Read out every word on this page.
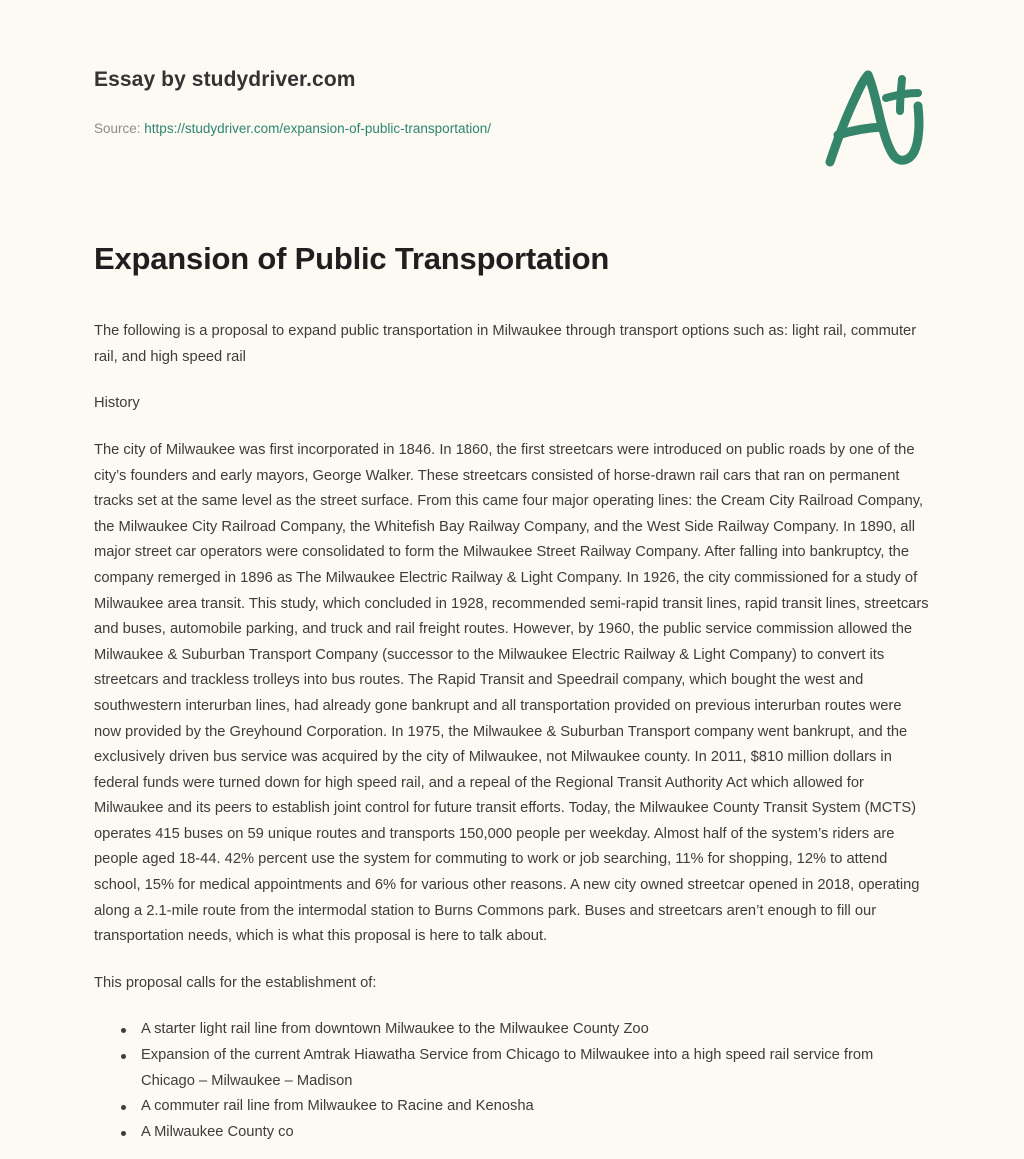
Essay by studydriver.com
Source: https://studydriver.com/expansion-of-public-transportation/
Expansion of Public Transportation

The following is a proposal to expand public transportation in Milwaukee through transport options such as: light rail, commuter rail, and high speed rail

History

The city of Milwaukee was first incorporated in 1846. In 1860, the first streetcars were introduced on public roads by one of the city’s founders and early mayors, George Walker. These streetcars consisted of horse-drawn rail cars that ran on permanent tracks set at the same level as the street surface. From this came four major operating lines: the Cream City Railroad Company, the Milwaukee City Railroad Company, the Whitefish Bay Railway Company, and the West Side Railway Company. In 1890, all major street car operators were consolidated to form the Milwaukee Street Railway Company. After falling into bankruptcy, the company remerged in 1896 as The Milwaukee Electric Railway & Light Company. In 1926, the city commissioned for a study of Milwaukee area transit. This study, which concluded in 1928, recommended semi-rapid transit lines, rapid transit lines, streetcars and buses, automobile parking, and truck and rail freight routes. However, by 1960, the public service commission allowed the Milwaukee & Suburban Transport Company (successor to the Milwaukee Electric Railway & Light Company) to convert its streetcars and trackless trolleys into bus routes. The Rapid Transit and Speedrail company, which bought the west and southwestern interurban lines, had already gone bankrupt and all transportation provided on previous interurban routes were now provided by the Greyhound Corporation. In 1975, the Milwaukee & Suburban Transport company went bankrupt, and the exclusively driven bus service was acquired by the city of Milwaukee, not Milwaukee county. In 2011, $810 million dollars in federal funds were turned down for high speed rail, and a repeal of the Regional Transit Authority Act which allowed for Milwaukee and its peers to establish joint control for future transit efforts. Today, the Milwaukee County Transit System (MCTS) operates 415 buses on 59 unique routes and transports 150,000 people per weekday. Almost half of the system’s riders are people aged 18-44. 42% percent use the system for commuting to work or job searching, 11% for shopping, 12% to attend school, 15% for medical appointments and 6% for various other reasons. A new city owned streetcar opened in 2018, operating along a 2.1-mile route from the intermodal station to Burns Commons park. Buses and streetcars aren’t enough to fill our transportation needs, which is what this proposal is here to talk about.

This proposal calls for the establishment of:

A starter light rail line from downtown Milwaukee to the Milwaukee County Zoo
Expansion of the current Amtrak Hiawatha Service from Chicago to Milwaukee into a high speed rail service from Chicago – Milwaukee – Madison
A commuter rail line from Milwaukee to Racine and Kenosha
A Milwaukee County co
